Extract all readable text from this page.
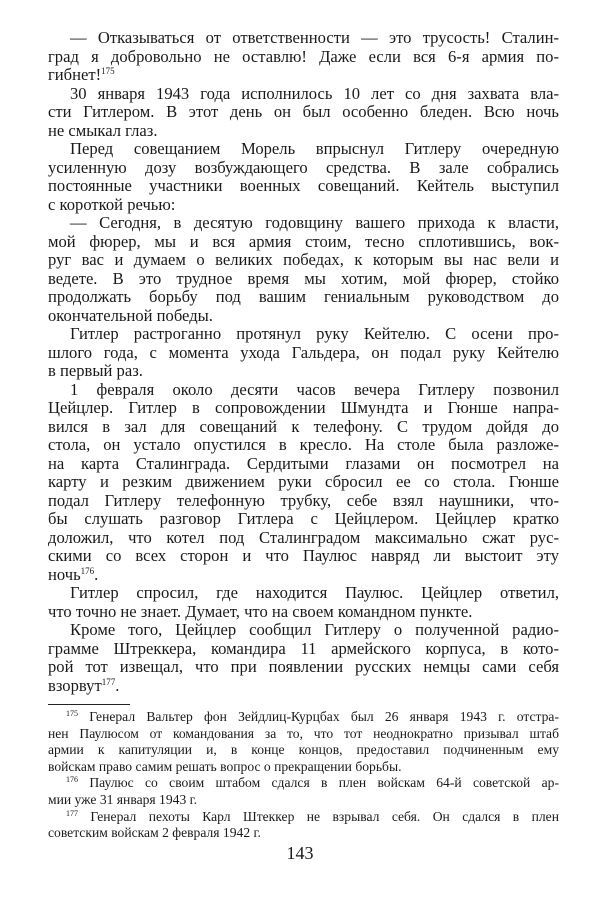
— Отказываться от ответственности — это трусость! Сталин-
град я добровольно не оставлю! Даже если вся 6-я армия по-
гибнет!$^{175}$
30 января 1943 года исполнилось 10 лет со дня захвата вла-
сти Гитлером. В этот день он был особенно бледен. Всю ночь
не смыкал глаз.
Перед совещанием Морель впрыснул Гитлеру очередную
усиленную дозу возбуждающего средства. В зале собрались
постоянные участники военных совещаний. Кейтель выступил
с короткой речью:
— Сегодня, в десятую годовщину вашего прихода к власти,
мой фюрер, мы и вся армия стоим, тесно сплотившись, вок-
руг вас и думаем о великих победах, к которым вы нас вели и
ведете. В это трудное время мы хотим, мой фюрер, стойко
продолжать борьбу под вашим гениальным руководством до
окончательной победы.
Гитлер растроганно протянул руку Кейтелю. С осени про-
шлого года, с момента ухода Гальдера, он подал руку Кейтелю
в первый раз.
1 февраля около десяти часов вечера Гитлеру позвонил
Цейцлер. Гитлер в сопровождении Шмундта и Гюнше напра-
вился в зал для совещаний к телефону. С трудом дойдя до
стола, он устало опустился в кресло. На столе была разложе-
на карта Сталинграда. Сердитыми глазами он посмотрел на
карту и резким движением руки сбросил ее со стола. Гюнше
подал Гитлеру телефонную трубку, себе взял наушники, что-
бы слушать разговор Гитлера с Цейцлером. Цейцлер кратко
доложил, что котел под Сталинградом максимально сжат рус-
скими со всех сторон и что Паулюс навряд ли выстоит эту
ночь$^{176}$.
Гитлер спросил, где находится Паулюс. Цейцлер ответил,
что точно не знает. Думает, что на своем командном пункте.
Кроме того, Цейцлер сообщил Гитлеру о полученной радио-
грамме Штреккера, командира 11 армейского корпуса, в кото-
рой тот извещал, что при появлении русских немцы сами себя
взорвут$^{177}$.
$^{175}$ Генерал Вальтер фон Зейдлиц-Курцбах был 26 января 1943 г. отстра-
нен Паулюсом от командования за то, что тот неоднократно призывал штаб
армии к капитуляции и, в конце концов, предоставил подчиненным ему
войскам право самим решать вопрос о прекращении борьбы.
$^{176}$ Паулюс со своим штабом сдался в плен войскам 64-й советской ар-
мии уже 31 января 1943 г.
$^{177}$ Генерал пехоты Карл Штеккер не взрывал себя. Он сдался в плен
советским войскам 2 февраля 1942 г.
143
